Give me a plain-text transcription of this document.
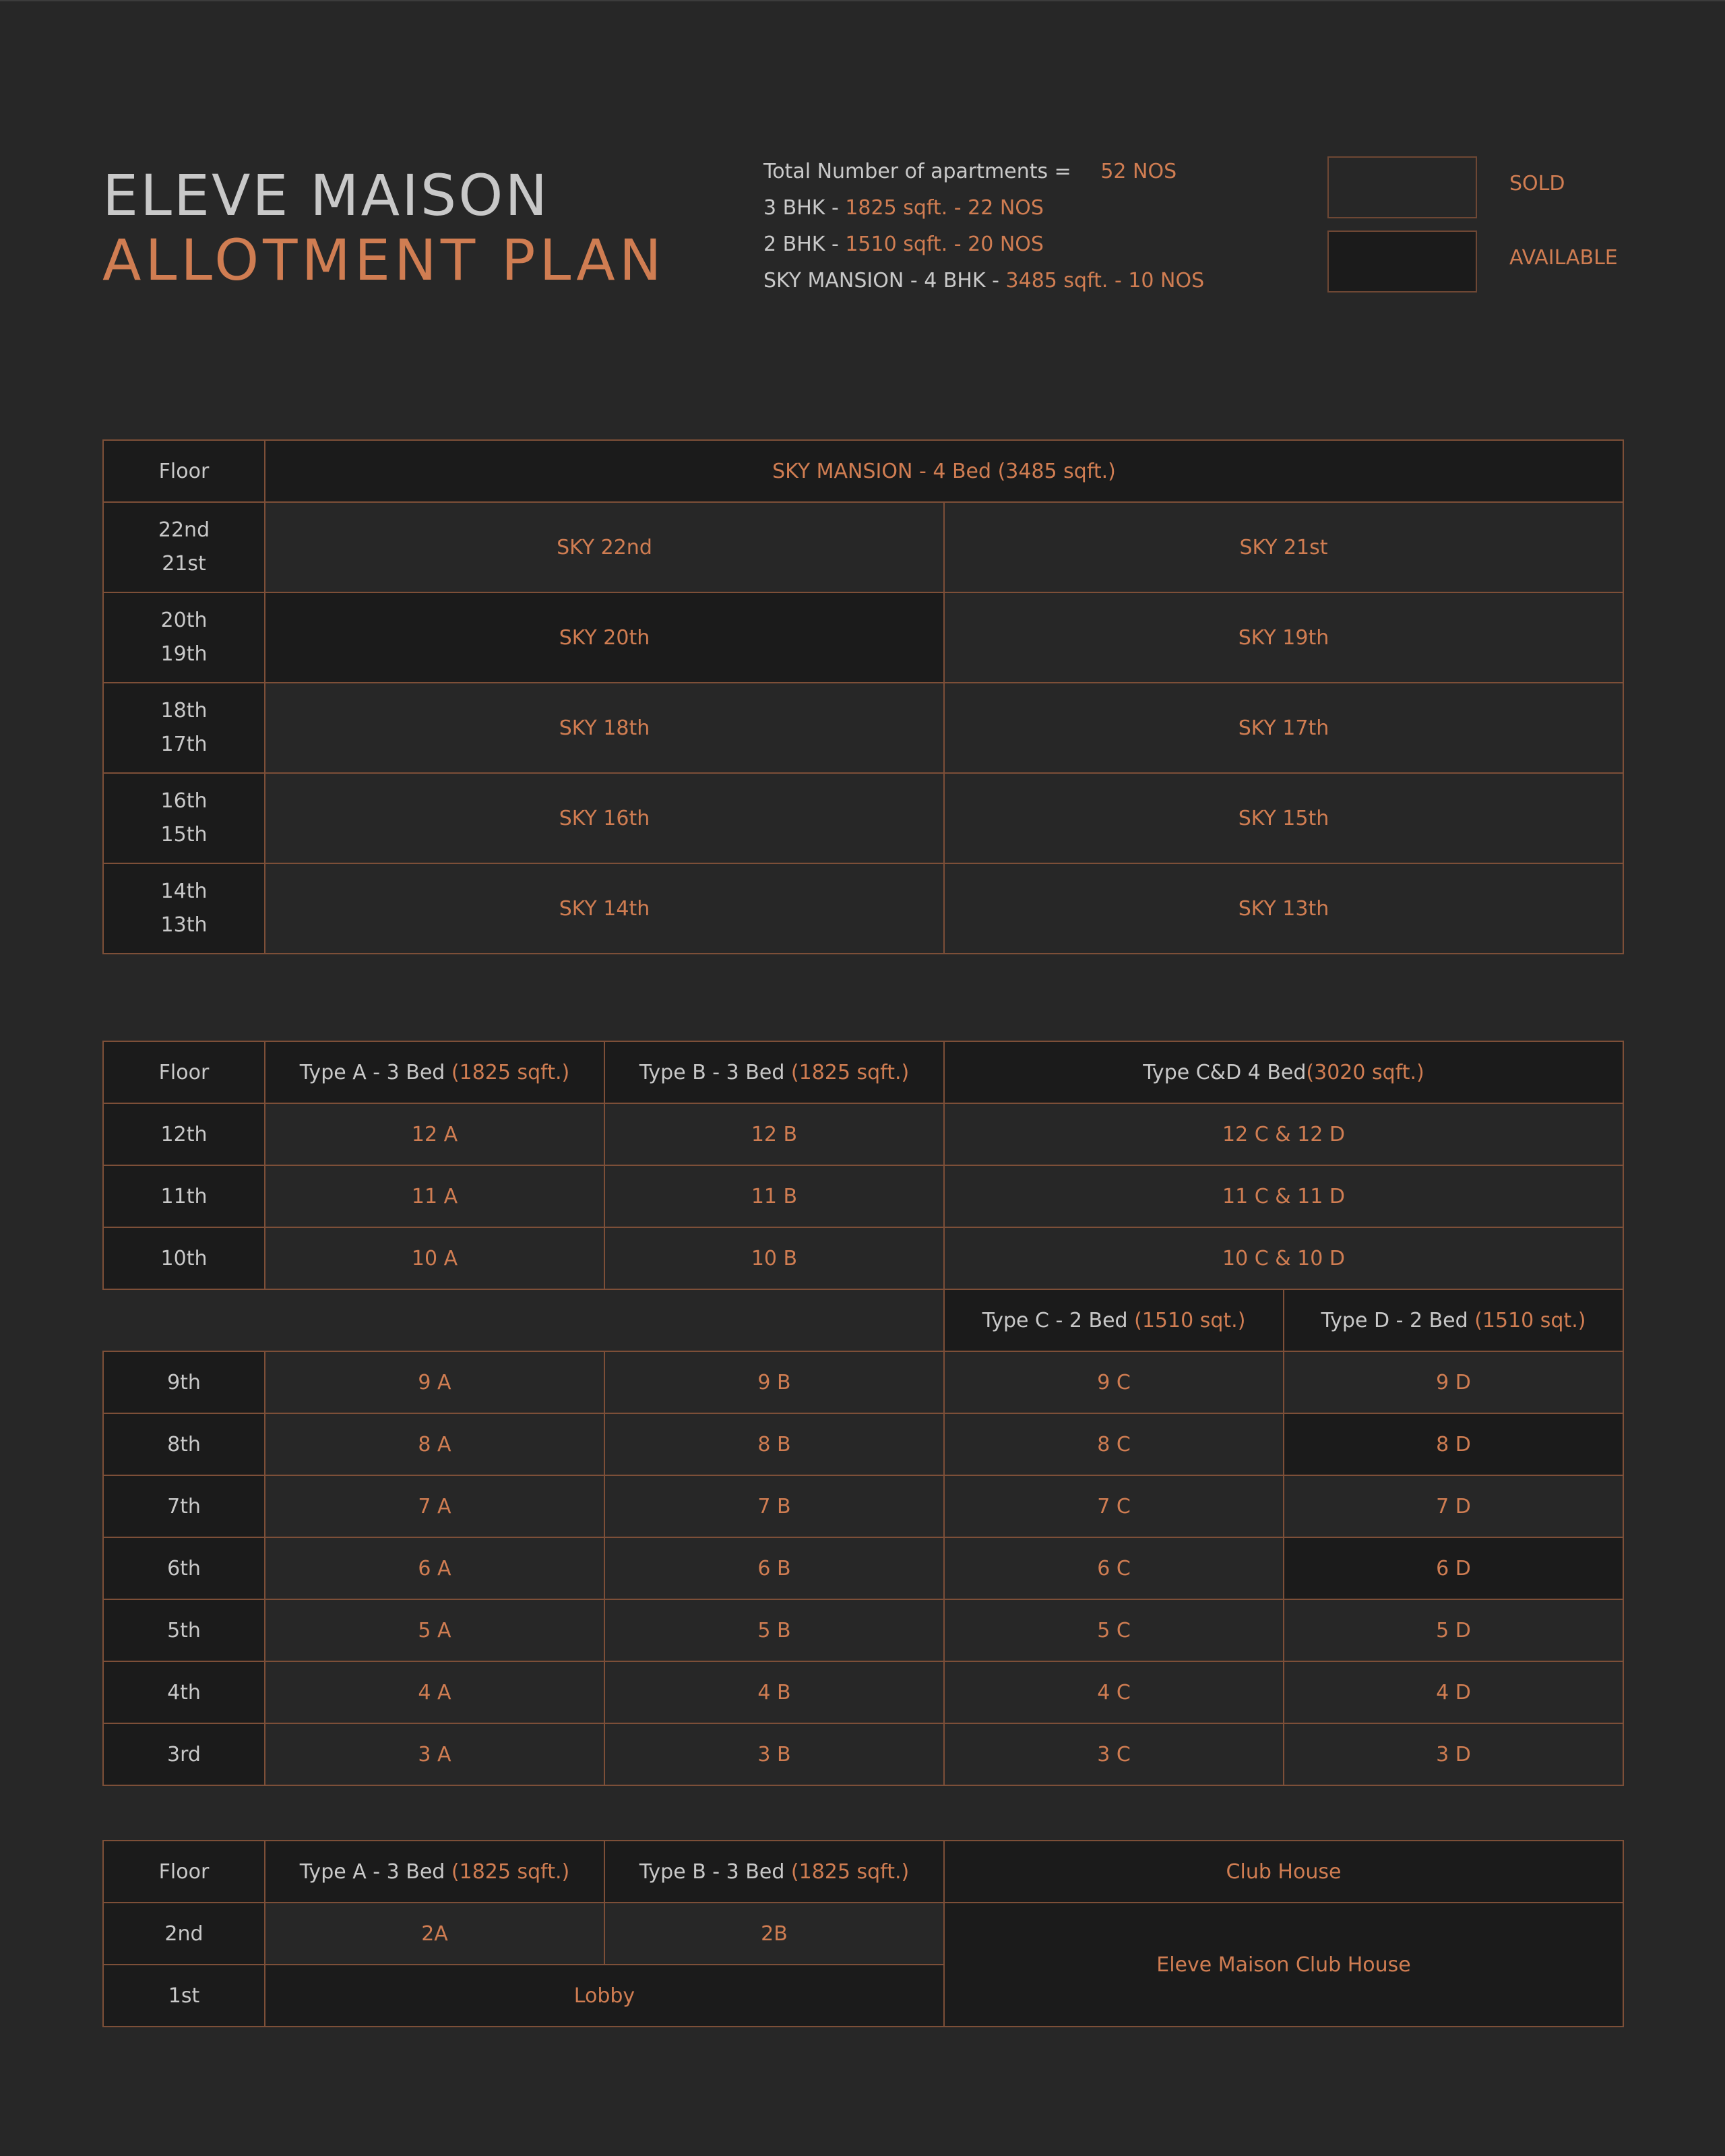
ELEVE MAISON
ALLOTMENT PLAN
Total Number of apartments = 52 NOS
3 BHK - 1825 sqft. - 22 NOS
2 BHK - 1510 sqft. - 20 NOS
SKY MANSION - 4 BHK - 3485 sqft. - 10 NOS
SOLD
AVAILABLE
Floor	SKY MANSION - 4 Bed (3485 sqft.)	

22nd
21st	SKY 22nd	SKY 21st

20th
19th	SKY 20th	SKY 19th

18th
17th	SKY 18th	SKY 17th

16th
15th	SKY 16th	SKY 15th

14th
13th	SKY 14th	SKY 13th
Floor	Type A - 3 Bed (1825 sqft.)	Type B - 3 Bed (1825 sqft.)	Type C&D 4 Bed(3020 sqft.)	
12th	12 A	12 B	12 C & 12 D	
11th	11 A	11 B	11 C & 11 D	
10th	10 A	10 B	10 C & 10 D	
			Type C - 2 Bed (1510 sqt.)	Type D - 2 Bed (1510 sqt.)
9th	9 A	9 B	9 C	9 D
8th	8 A	8 B	8 C	8 D
7th	7 A	7 B	7 C	7 D
6th	6 A	6 B	6 C	6 D
5th	5 A	5 B	5 C	5 D
4th	4 A	4 B	4 C	4 D
3rd	3 A	3 B	3 C	3 D
Floor	Type A - 3 Bed (1825 sqft.)	Type B - 3 Bed (1825 sqft.)	Club House
2nd	2A	2B	Eleve Maison Club House
1st	Lobby		
